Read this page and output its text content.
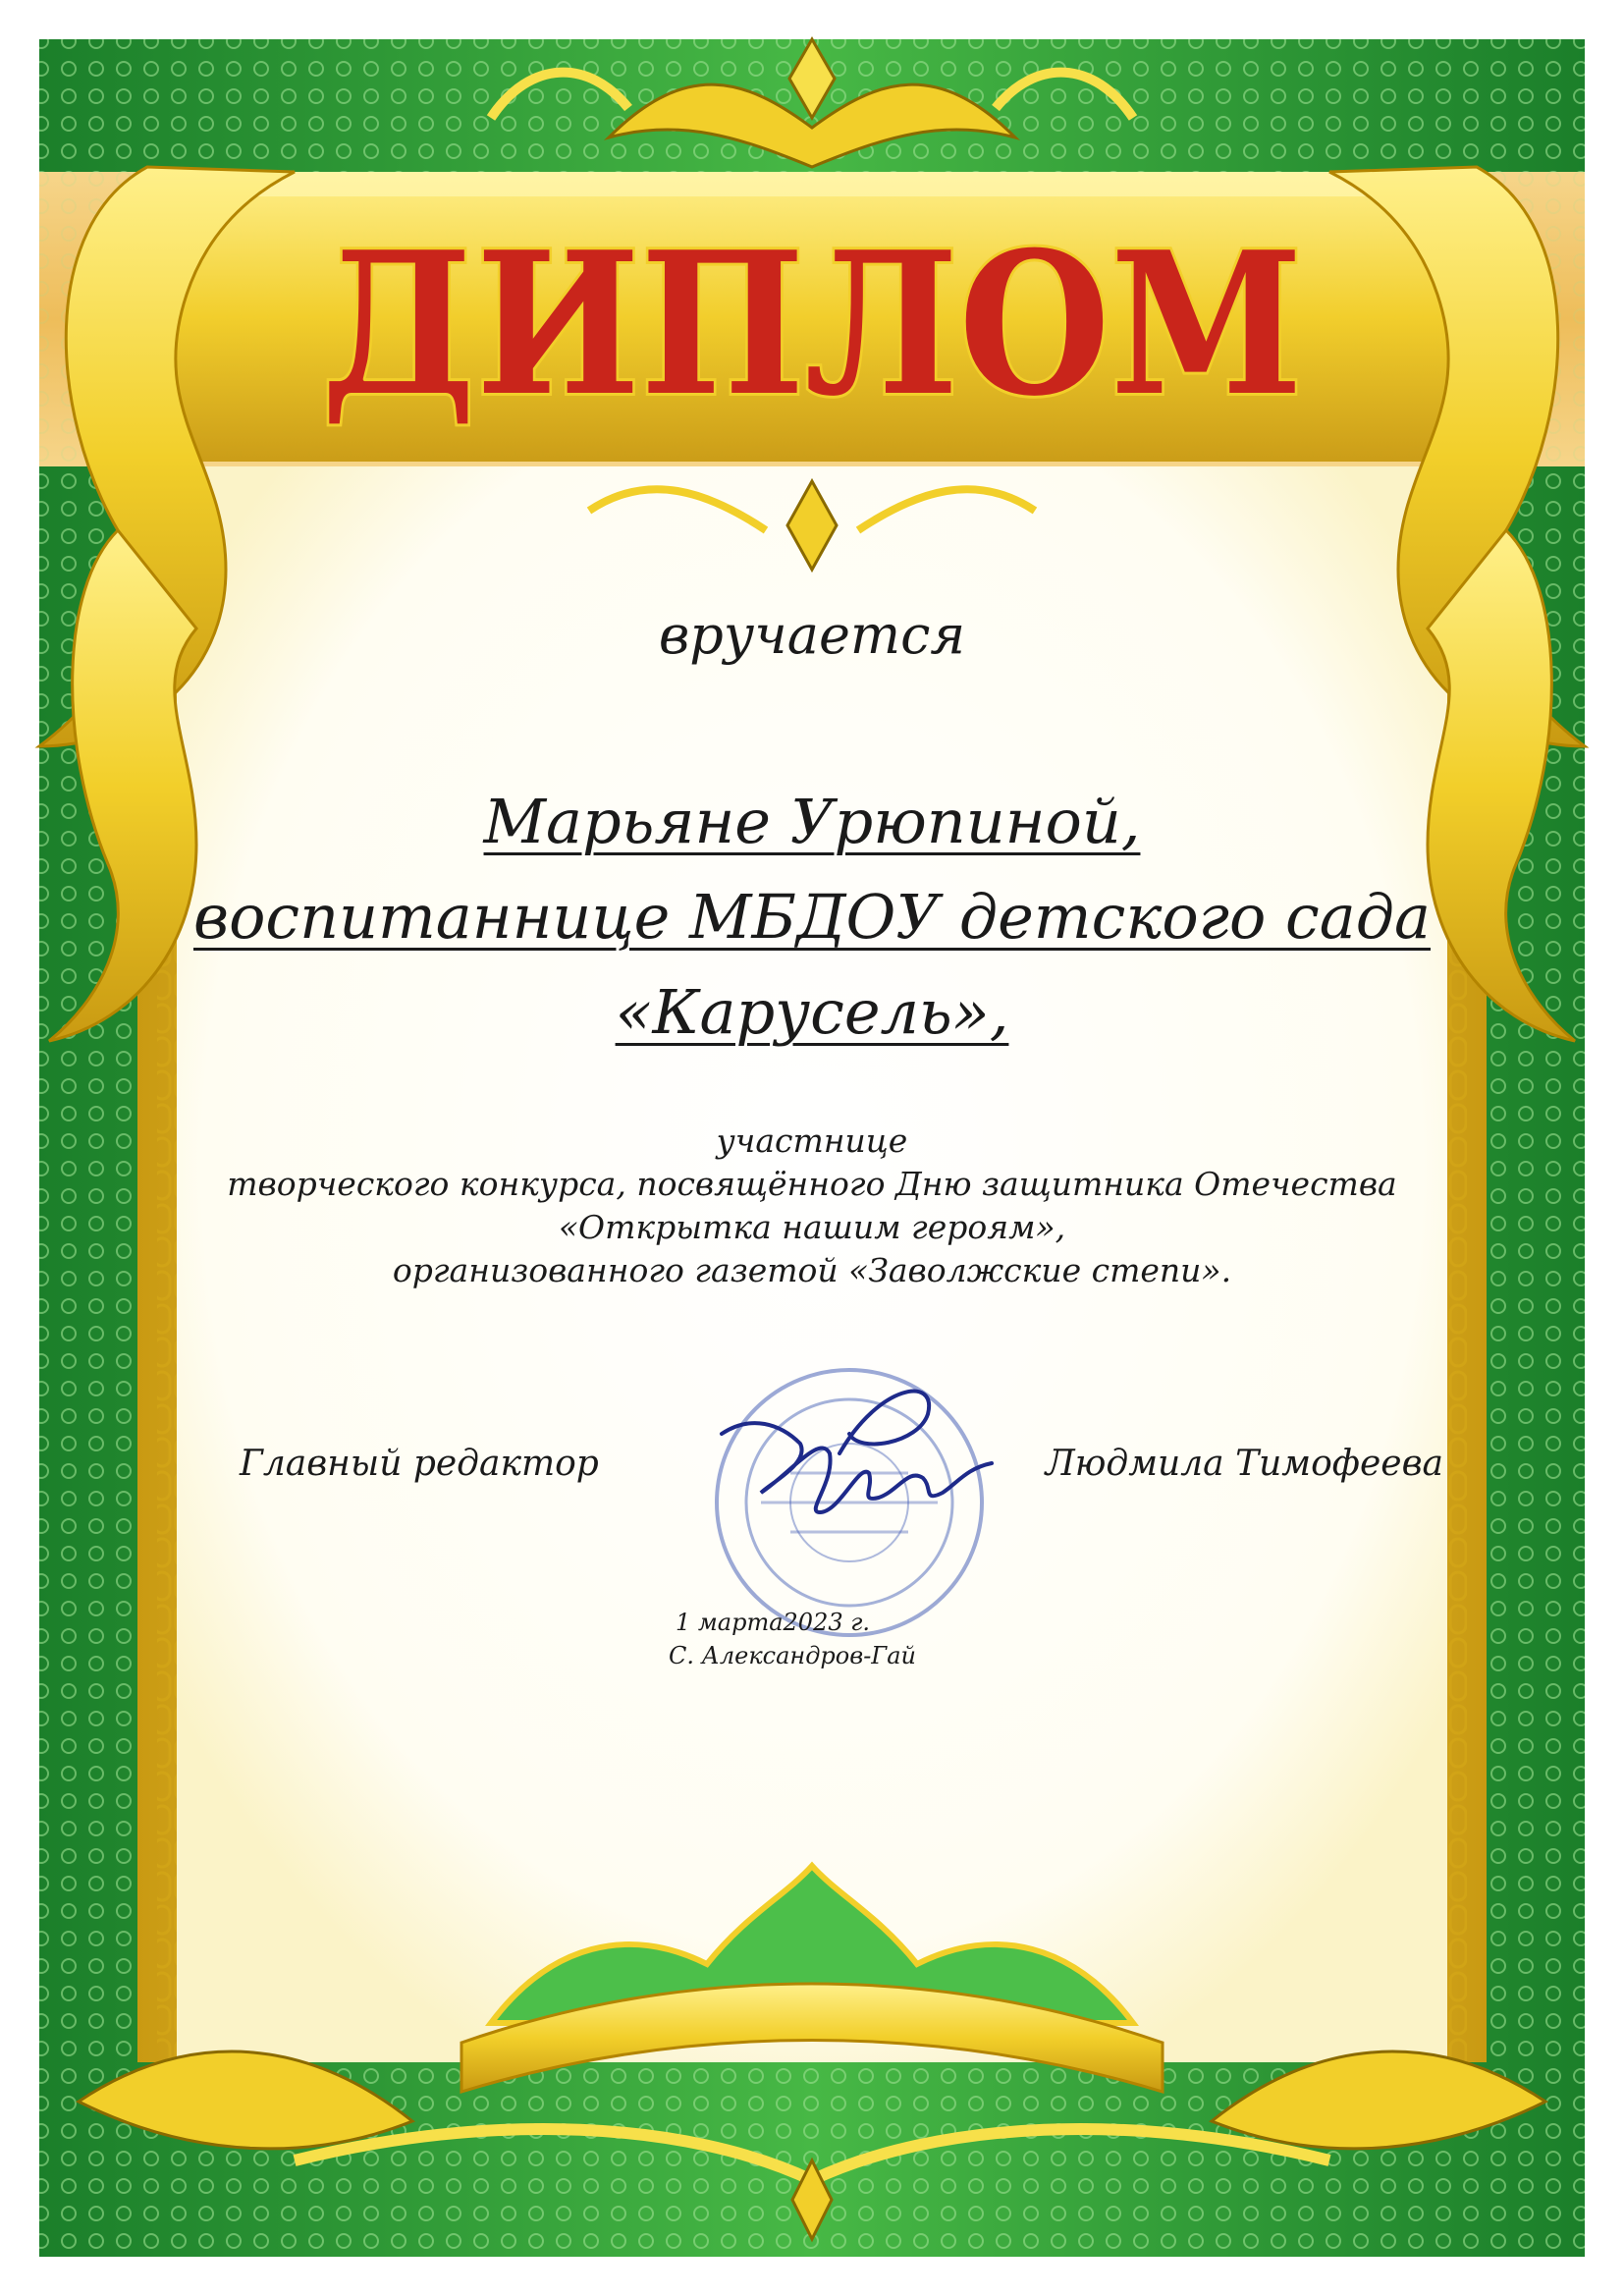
ДИПЛОМ
вручается
Марьяне Урюпиной,
воспитаннице МБДОУ детского сада
«Карусель»,
участнице
творческого конкурса, посвящённого Дню защитника Отечества
«Открытка нашим героям»,
организованного газетой «Заволжские степи».
Главный редактор	Людмила Тимофеева
1 марта2023 г.
С. Александров-Гай
